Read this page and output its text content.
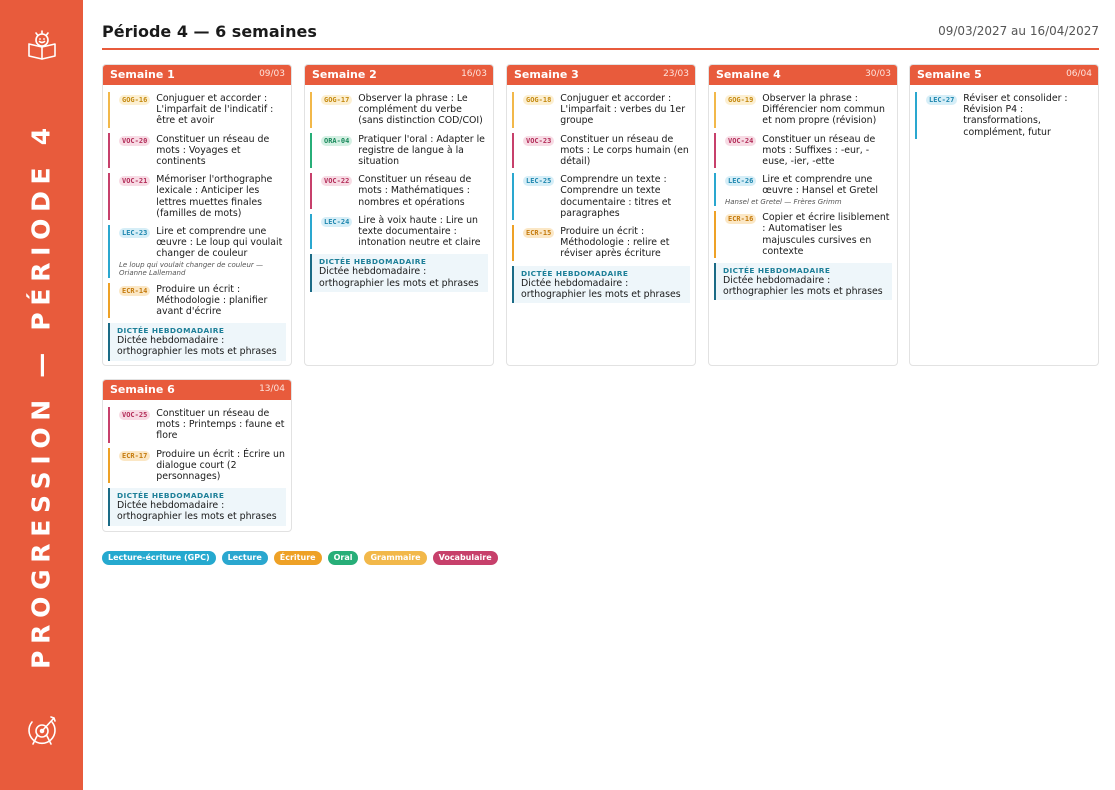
PROGRESSION — PÉRIODE 4
Période 4 — 6 semaines	09/03/2027 au 16/04/2027
Semaine 1	09/03
GOG-16 Conjuguer et accorder : L'imparfait de l'indicatif : être et avoir
VOC-20 Constituer un réseau de mots : Voyages et continents
VOC-21 Mémoriser l'orthographe lexicale : Anticiper les lettres muettes finales (familles de mots)
LEC-23 Lire et comprendre une œuvre : Le loup qui voulait changer de couleur
Le loup qui voulait changer de couleur — Orianne Lallemand
ECR-14 Produire un écrit : Méthodologie : planifier avant d'écrire
DICTÉE HEBDOMADAIRE
Dictée hebdomadaire : orthographier les mots et phrases
Semaine 2	16/03
GOG-17 Observer la phrase : Le complément du verbe (sans distinction COD/COI)
ORA-04 Pratiquer l'oral : Adapter le registre de langue à la situation
VOC-22 Constituer un réseau de mots : Mathématiques : nombres et opérations
LEC-24 Lire à voix haute : Lire un texte documentaire : intonation neutre et claire
DICTÉE HEBDOMADAIRE
Dictée hebdomadaire : orthographier les mots et phrases
Semaine 3	23/03
GOG-18 Conjuguer et accorder : L'imparfait : verbes du 1er groupe
VOC-23 Constituer un réseau de mots : Le corps humain (en détail)
LEC-25 Comprendre un texte : Comprendre un texte documentaire : titres et paragraphes
ECR-15 Produire un écrit : Méthodologie : relire et réviser après écriture
DICTÉE HEBDOMADAIRE
Dictée hebdomadaire : orthographier les mots et phrases
Semaine 4	30/03
GOG-19 Observer la phrase : Différencier nom commun et nom propre (révision)
VOC-24 Constituer un réseau de mots : Suffixes : -eur, -euse, -ier, -ette
LEC-26 Lire et comprendre une œuvre : Hansel et Gretel
Hansel et Gretel — Frères Grimm
ECR-16 Copier et écrire lisiblement : Automatiser les majuscules cursives en contexte
DICTÉE HEBDOMADAIRE
Dictée hebdomadaire : orthographier les mots et phrases
Semaine 5	06/04
LEC-27 Réviser et consolider : Révision P4 : transformations, complément, futur
Semaine 6	13/04
VOC-25 Constituer un réseau de mots : Printemps : faune et flore
ECR-17 Produire un écrit : Écrire un dialogue court (2 personnages)
DICTÉE HEBDOMADAIRE
Dictée hebdomadaire : orthographier les mots et phrases
Lecture-écriture (GPC)	Lecture	Écriture	Oral	Grammaire	Vocabulaire
